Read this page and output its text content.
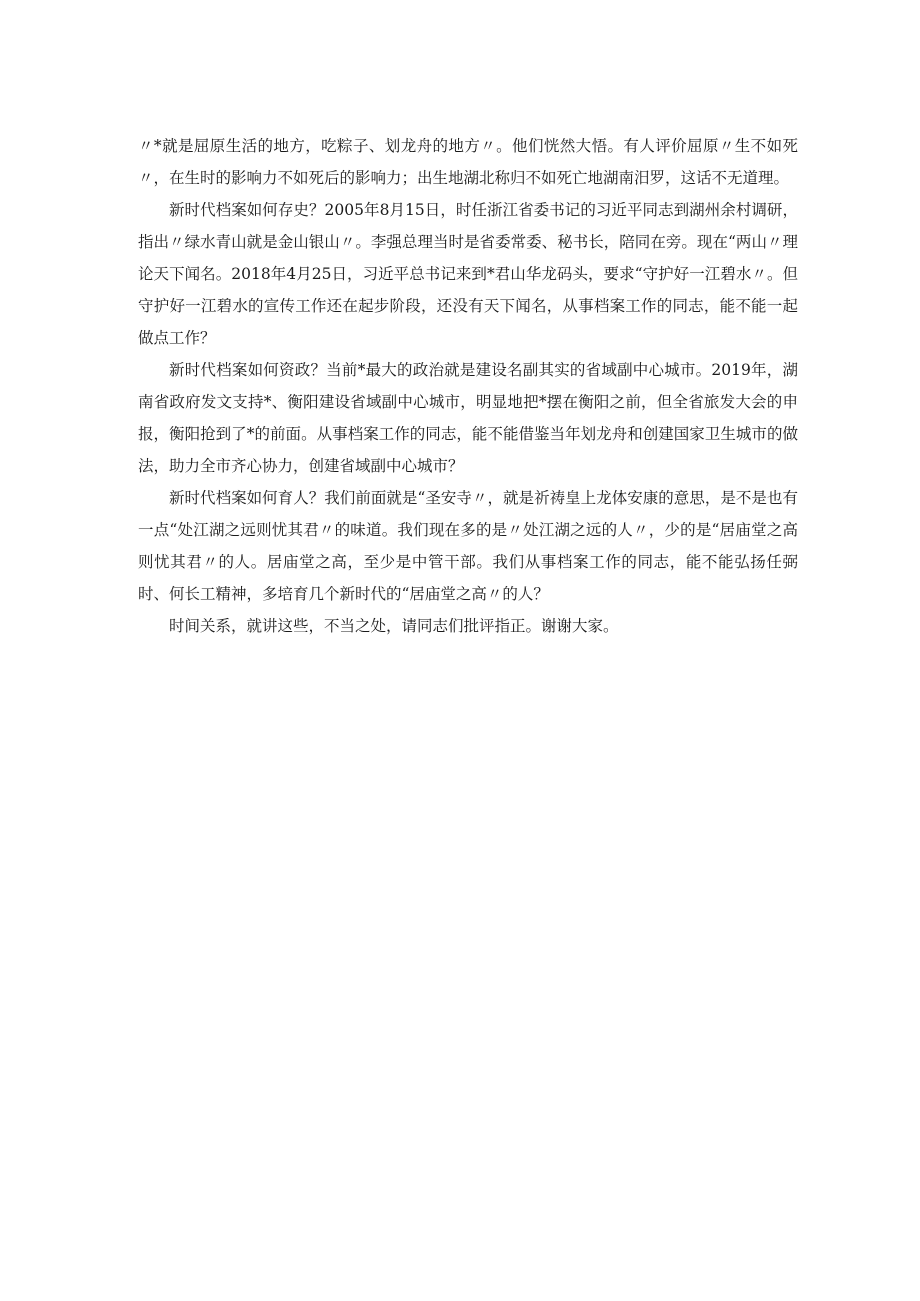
〃*就是屈原生活的地方，吃粽子、划龙舟的地方〃。他们恍然大悟。有人评价屈原〃生不如死〃，在生时的影响力不如死后的影响力；出生地湖北称归不如死亡地湖南汨罗，这话不无道理。

新时代档案如何存史？2005年8月15日，时任浙江省委书记的习近平同志到湖州余村调研，指出〃绿水青山就是金山银山〃。李强总理当时是省委常委、秘书长，陪同在旁。现在“两山〃理论天下闻名。2018年4月25日，习近平总书记来到*君山华龙码头，要求“守护好一江碧水〃。但守护好一江碧水的宣传工作还在起步阶段，还没有天下闻名，从事档案工作的同志，能不能一起做点工作？

新时代档案如何资政？当前*最大的政治就是建设名副其实的省域副中心城市。2019年，湖南省政府发文支持*、衡阳建设省域副中心城市，明显地把*摆在衡阳之前，但全省旅发大会的申报，衡阳抢到了*的前面。从事档案工作的同志，能不能借鉴当年划龙舟和创建国家卫生城市的做法，助力全市齐心协力，创建省域副中心城市？

新时代档案如何育人？我们前面就是“圣安寺〃，就是祈祷皇上龙体安康的意思，是不是也有一点“处江湖之远则忧其君〃的味道。我们现在多的是〃处江湖之远的人〃，少的是“居庙堂之高则忧其君〃的人。居庙堂之高，至少是中管干部。我们从事档案工作的同志，能不能弘扬任弼时、何长工精神，多培育几个新时代的“居庙堂之高〃的人？

时间关系，就讲这些，不当之处，请同志们批评指正。谢谢大家。
